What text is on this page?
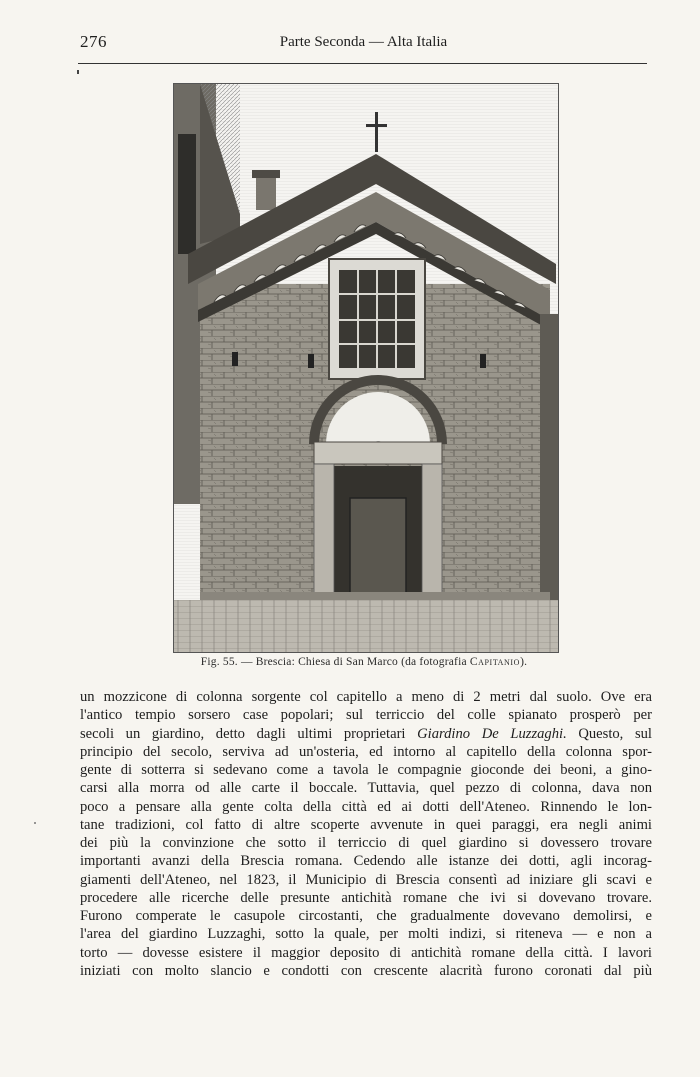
276	Parte Seconda — Alta Italia
Fig. 55. — Brescia: Chiesa di San Marco (da fotografia Capitanio).
un mozzicone di colonna sorgente col capitello a meno di 2 metri dal suolo. Ove era
l'antico tempio sorsero case popolari; sul terriccio del colle spianato prosperò per
secoli un giardino, detto dagli ultimi proprietari Giardino De Luzzaghi. Questo, sul
principio del secolo, serviva ad un'osteria, ed intorno al capitello della colonna spor-
gente di sotterra si sedevano come a tavola le compagnie gioconde dei beoni, a gino-
carsi alla morra od alle carte il boccale. Tuttavia, quel pezzo di colonna, dava non
poco a pensare alla gente colta della città ed ai dotti dell'Ateneo. Rinnendo le lon-
tane tradizioni, col fatto di altre scoperte avvenute in quei paraggi, era negli animi
dei più la convinzione che sotto il terriccio di quel giardino si dovessero trovare
importanti avanzi della Brescia romana. Cedendo alle istanze dei dotti, agli incorag-
giamenti dell'Ateneo, nel 1823, il Municipio di Brescia consentì ad iniziare gli scavi e
procedere alle ricerche delle presunte antichità romane che ivi si dovevano trovare.
Furono comperate le casupole circostanti, che gradualmente dovevano demolirsi, e
l'area del giardino Luzzaghi, sotto la quale, per molti indizi, si riteneva — e non a
torto — dovesse esistere il maggior deposito di antichità romane della città. I lavori
iniziati con molto slancio e condotti con crescente alacrità furono coronati dal più
